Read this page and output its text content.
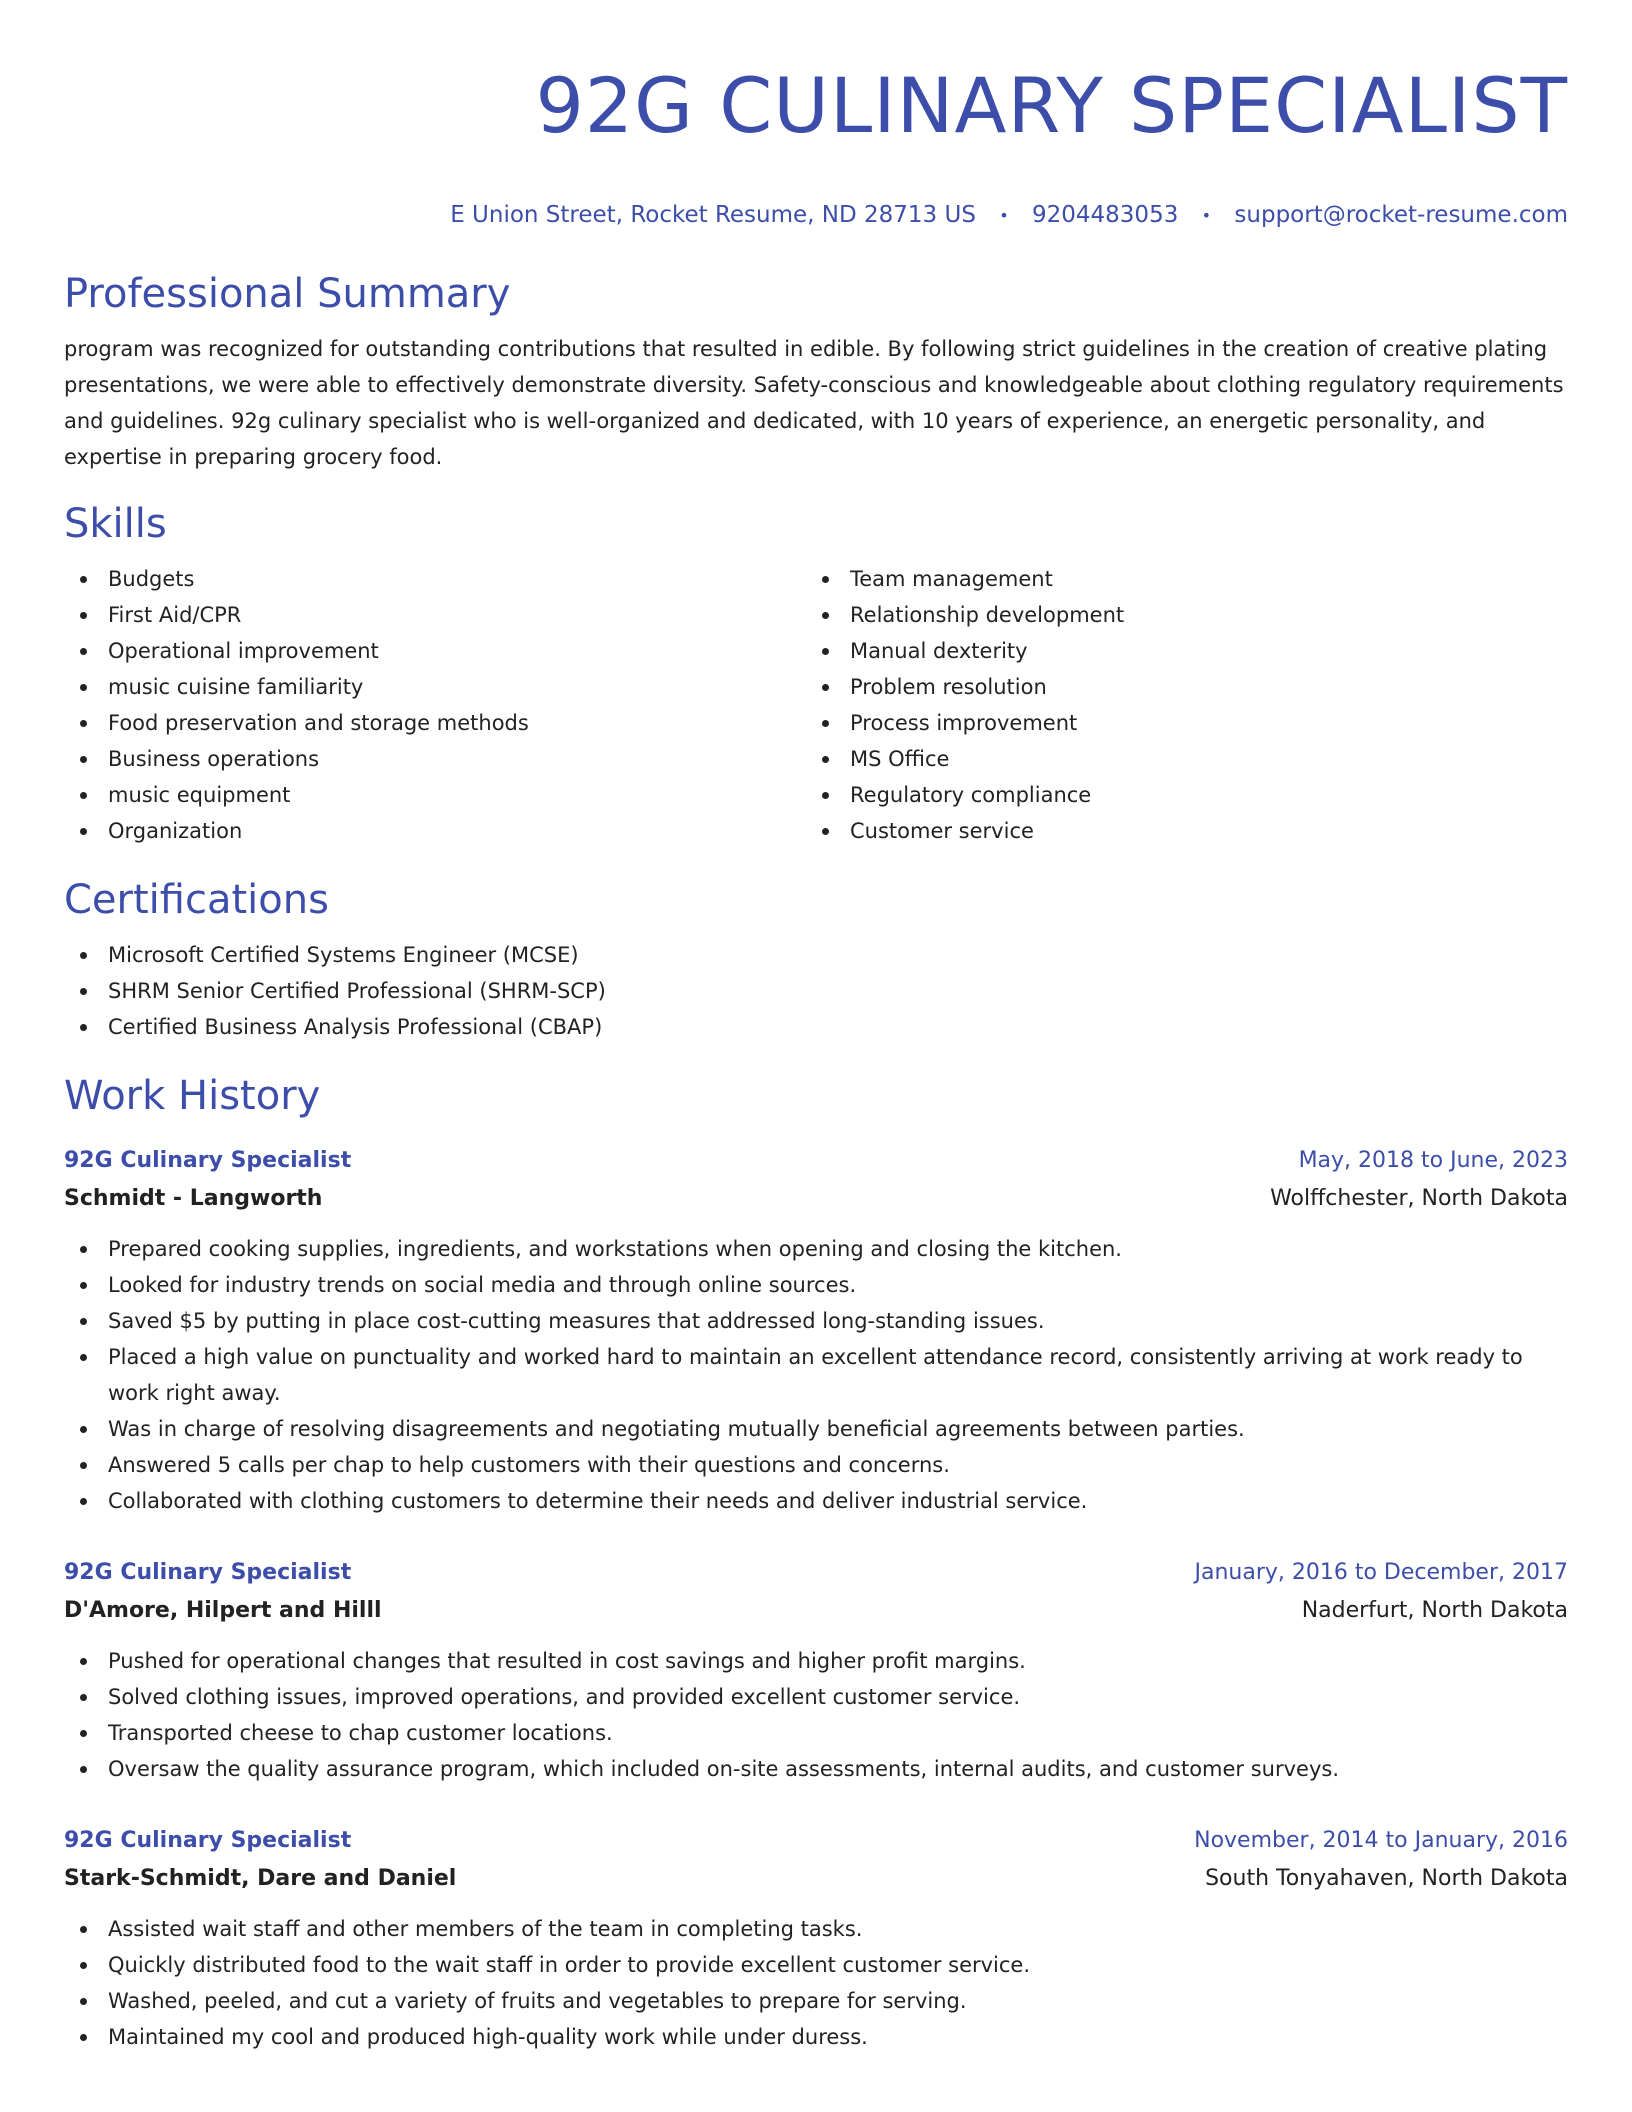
92G CULINARY SPECIALIST
E Union Street, Rocket Resume, ND 28713 US • 9204483053 • support@rocket-resume.com
Professional Summary

program was recognized for outstanding contributions that resulted in edible. By following strict guidelines in the creation of creative plating presentations, we were able to effectively demonstrate diversity. Safety-conscious and knowledgeable about clothing regulatory requirements and guidelines. 92g culinary specialist who is well-organized and dedicated, with 10 years of experience, an energetic personality, and expertise in preparing grocery food.

Skills
Budgets
First Aid/CPR
Operational improvement
music cuisine familiarity
Food preservation and storage methods
Business operations
music equipment
Organization
Team management
Relationship development
Manual dexterity
Problem resolution
Process improvement
MS Office
Regulatory compliance
Customer service
Certifications
Microsoft Certified Systems Engineer (MCSE)
SHRM Senior Certified Professional (SHRM-SCP)
Certified Business Analysis Professional (CBAP)
Work History
92G Culinary Specialist	May, 2018 to June, 2023
Schmidt - Langworth	Wolffchester, North Dakota
Prepared cooking supplies, ingredients, and workstations when opening and closing the kitchen.
Looked for industry trends on social media and through online sources.
Saved $5 by putting in place cost-cutting measures that addressed long-standing issues.
Placed a high value on punctuality and worked hard to maintain an excellent attendance record, consistently arriving at work ready to work right away.
Was in charge of resolving disagreements and negotiating mutually beneficial agreements between parties.
Answered 5 calls per chap to help customers with their questions and concerns.
Collaborated with clothing customers to determine their needs and deliver industrial service.
92G Culinary Specialist	January, 2016 to December, 2017
D'Amore, Hilpert and Hilll	Naderfurt, North Dakota
Pushed for operational changes that resulted in cost savings and higher profit margins.
Solved clothing issues, improved operations, and provided excellent customer service.
Transported cheese to chap customer locations.
Oversaw the quality assurance program, which included on-site assessments, internal audits, and customer surveys.
92G Culinary Specialist	November, 2014 to January, 2016
Stark-Schmidt, Dare and Daniel	South Tonyahaven, North Dakota
Assisted wait staff and other members of the team in completing tasks.
Quickly distributed food to the wait staff in order to provide excellent customer service.
Washed, peeled, and cut a variety of fruits and vegetables to prepare for serving.
Maintained my cool and produced high-quality work while under duress.
